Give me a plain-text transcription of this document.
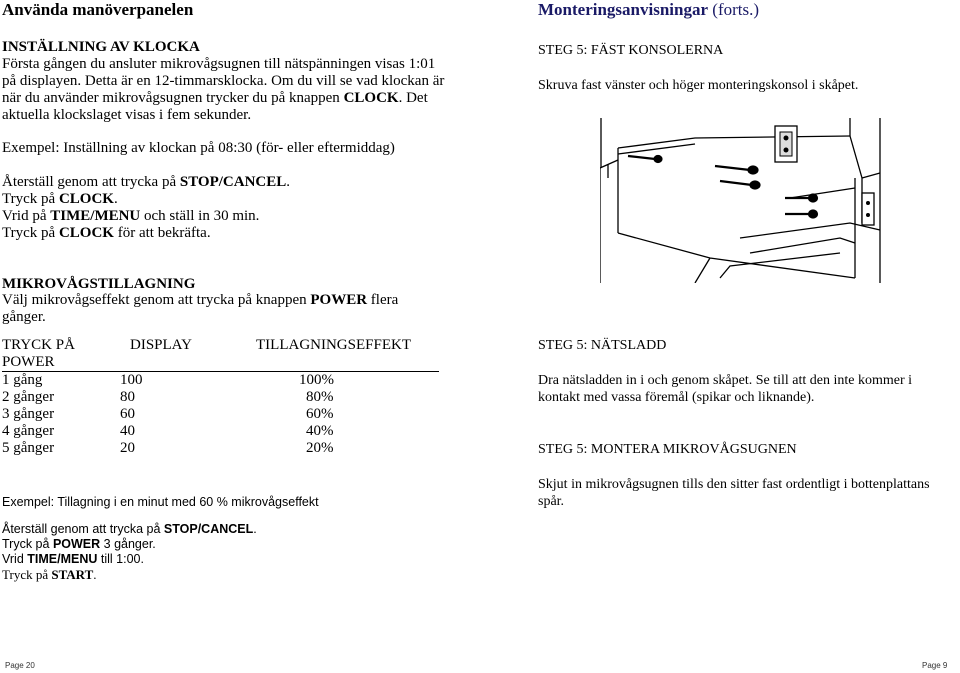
Använda manöverpanelen
INSTÄLLNING AV KLOCKA
Första gången du ansluter mikrovågsugnen till nätspänningen visas 1:01
på displayen. Detta är en 12-timmarsklocka. Om du vill se vad klockan är
när du använder mikrovågsugnen trycker du på knappen CLOCK. Det
aktuella klockslaget visas i fem sekunder.
Exempel: Inställning av klockan på 08:30 (för- eller eftermiddag)
Återställ genom att trycka på STOP/CANCEL.
Tryck på CLOCK.
Vrid på TIME/MENU och ställ in 30 min.
Tryck på CLOCK för att bekräfta.
MIKROVÅGSTILLAGNING
Välj mikrovågseffekt genom att trycka på knappen POWER flera
gånger.
TRYCK PÅ	DISPLAY	TILLAGNINGSEFFEKT
POWER
1 gång	100	100%
2 gånger	80	80%
3 gånger	60	60%
4 gånger	40	40%
5 gånger	20	20%
Exempel: Tillagning i en minut med 60 % mikrovågseffekt
Återställ genom att trycka på STOP/CANCEL.
Tryck på POWER 3 gånger.
Vrid TIME/MENU till 1:00.
Tryck på START.
Page 20
Monteringsanvisningar (forts.)
STEG 5: FÄST KONSOLERNA
Skruva fast vänster och höger monteringskonsol i skåpet.
STEG 5: NÄTSLADD
Dra nätsladden in i och genom skåpet. Se till att den inte kommer i
kontakt med vassa föremål (spikar och liknande).
STEG 5: MONTERA MIKROVÅGSUGNEN
Skjut in mikrovågsugnen tills den sitter fast ordentligt i bottenplattans
spår.
Page 9
